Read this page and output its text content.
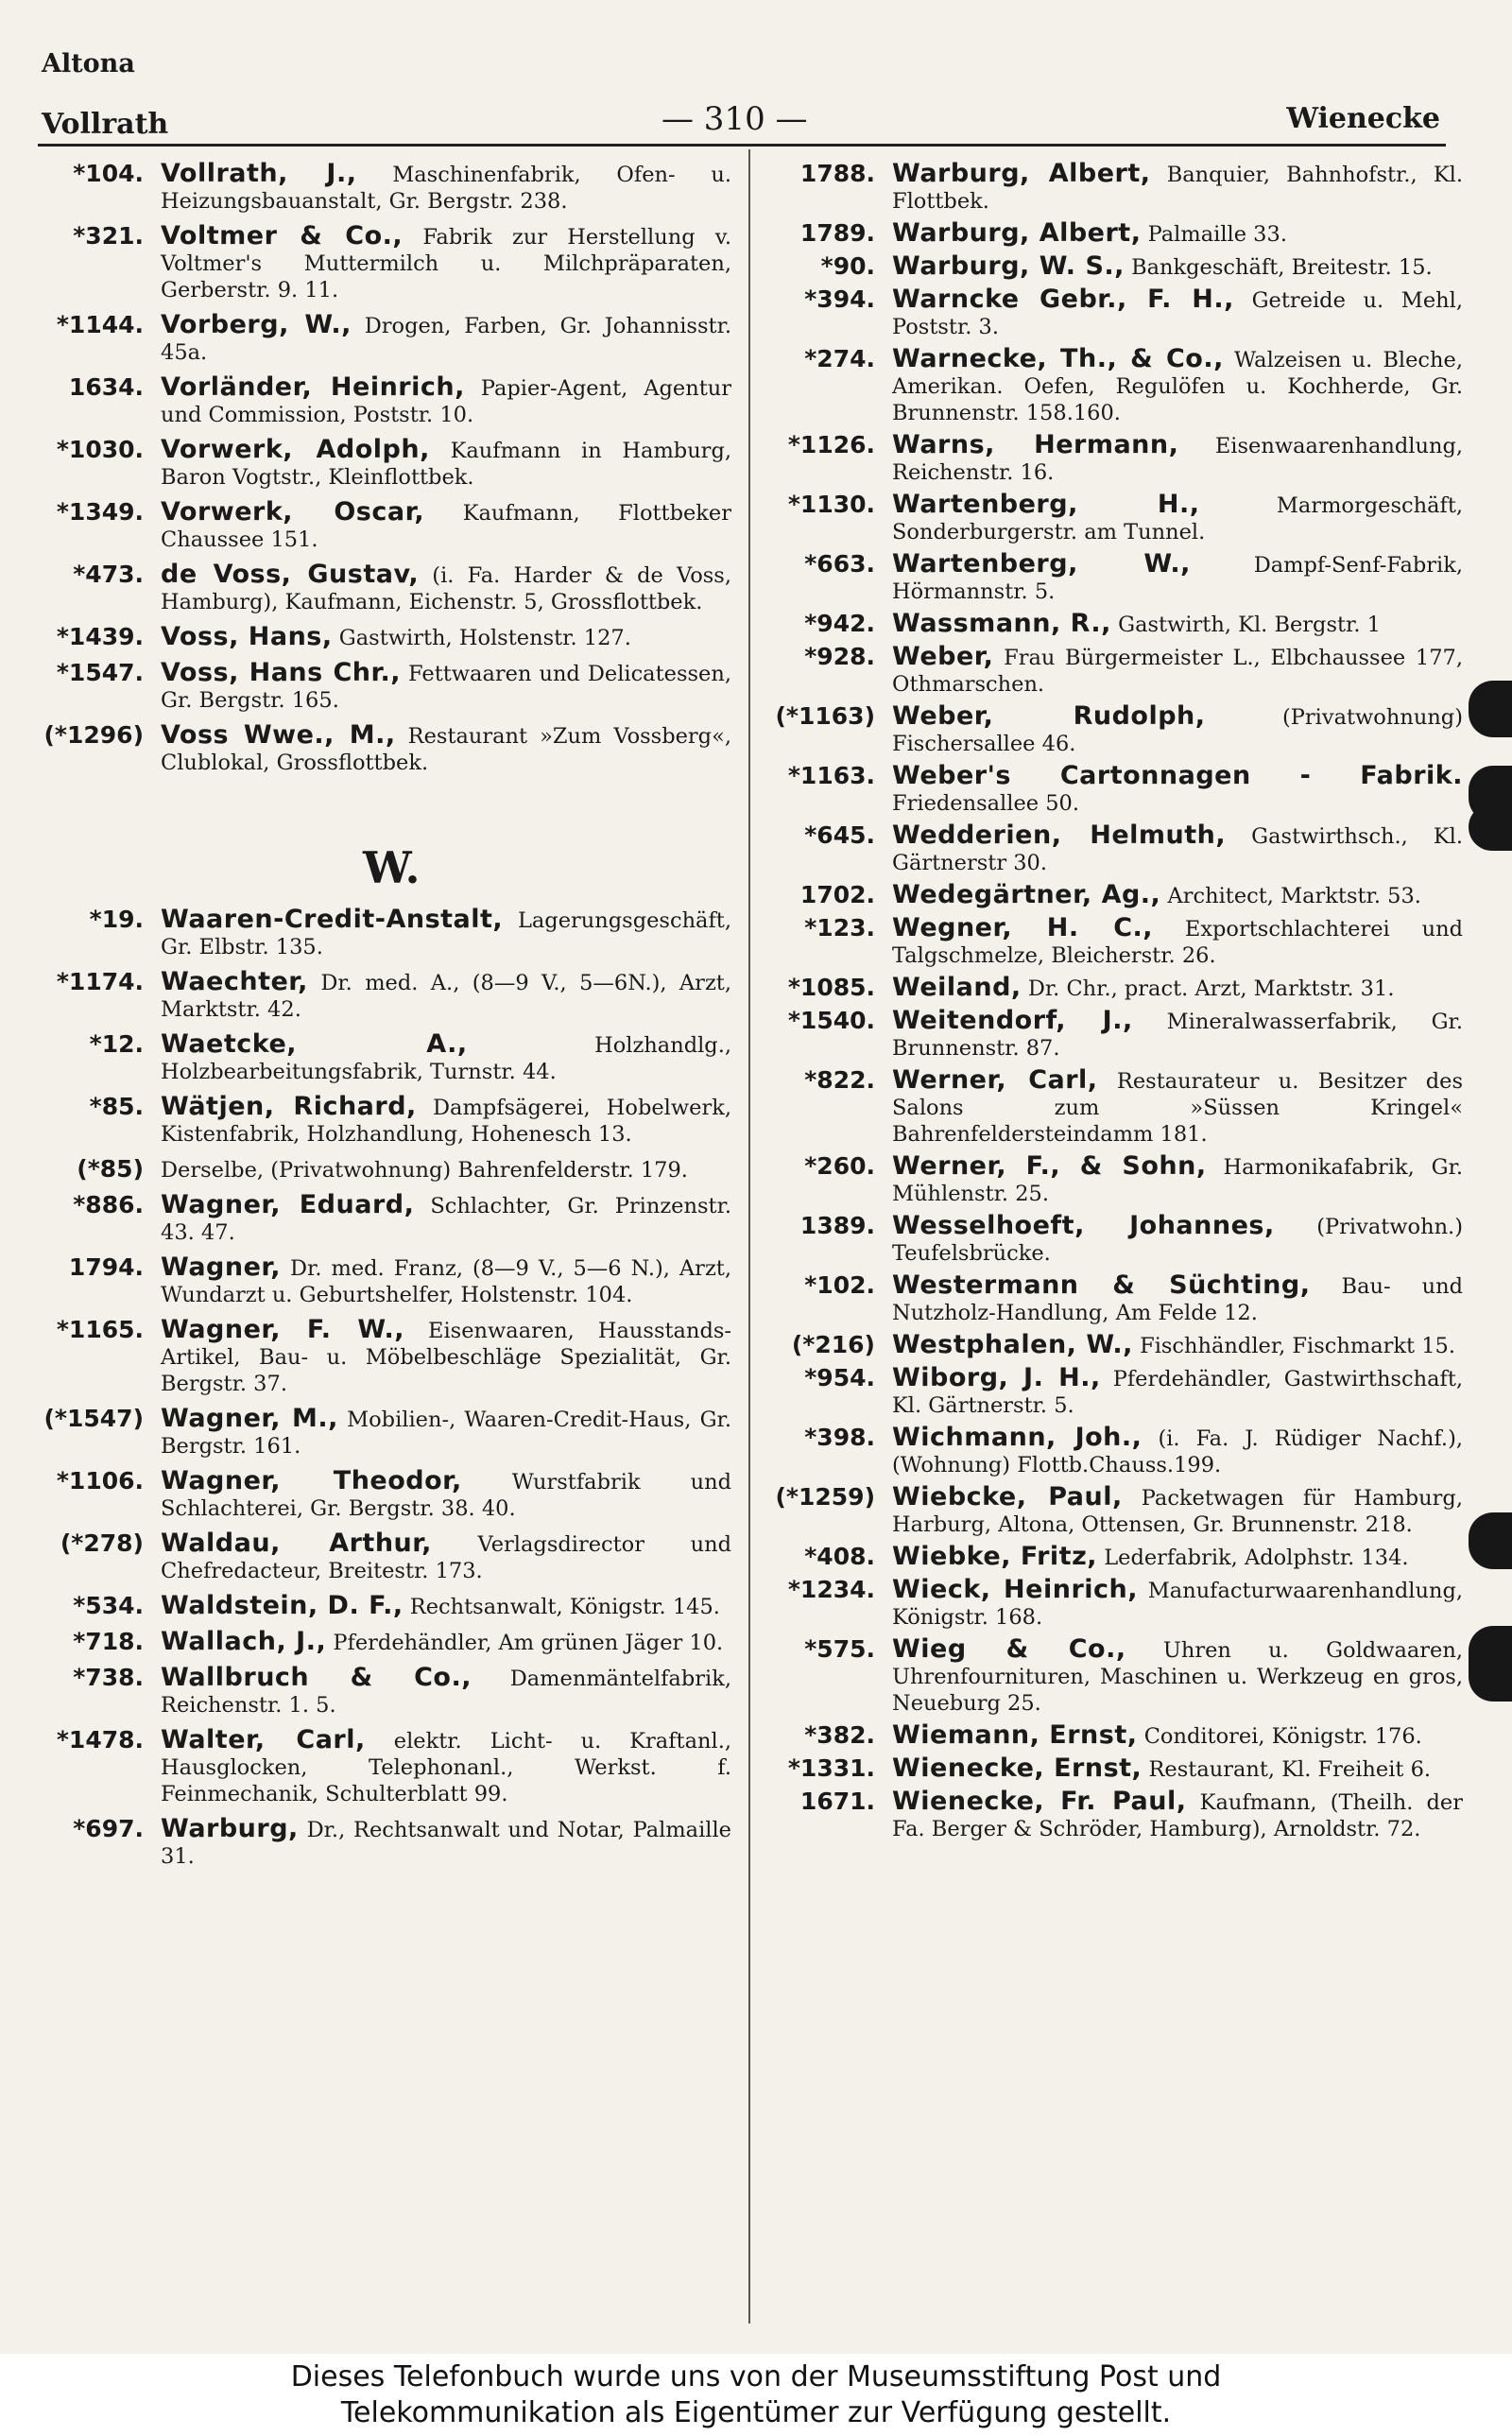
Altona
Vollrath	— 310 —	Wienecke
*104. Vollrath, J., Maschinenfabrik, Ofen- u. Heizungsbauanstalt, Gr. Bergstr. 238.
*321. Voltmer & Co., Fabrik zur Herstellung v. Voltmer's Muttermilch u. Milchpräparaten, Gerberstr. 9. 11.
*1144. Vorberg, W., Drogen, Farben, Gr. Johannisstr. 45a.
1634. Vorländer, Heinrich, Papier-Agent, Agentur und Commission, Poststr. 10.
*1030. Vorwerk, Adolph, Kaufmann in Hamburg, Baron Vogtstr., Kleinflottbek.
*1349. Vorwerk, Oscar, Kaufmann, Flottbeker Chaussee 151.
*473. de Voss, Gustav, (i. Fa. Harder & de Voss, Hamburg), Kaufmann, Eichenstr. 5, Grossflottbek.
*1439. Voss, Hans, Gastwirth, Holstenstr. 127.
*1547. Voss, Hans Chr., Fettwaaren und Delicatessen, Gr. Bergstr. 165.
(*1296) Voss Wwe., M., Restaurant »Zum Vossberg«, Clublokal, Grossflottbek.
W.
*19. Waaren-Credit-Anstalt, Lagerungsgeschäft, Gr. Elbstr. 135.
*1174. Waechter, Dr. med. A., (8—9 V., 5—6N.), Arzt, Marktstr. 42.
*12. Waetcke, A.,	Holzhandlg., Holzbearbeitungsfabrik, Turnstr. 44.
*85. Wätjen, Richard, Dampfsägerei, Hobelwerk, Kistenfabrik, Holzhandlung, Hohenesch 13.
(*85) Derselbe, (Privatwohnung) Bahrenfelderstr. 179.
*886. Wagner, Eduard, Schlachter, Gr. Prinzenstr. 43. 47.
1794. Wagner, Dr. med. Franz, (8—9 V., 5—6 N.), Arzt, Wundarzt u. Geburtshelfer, Holstenstr. 104.
*1165. Wagner, F. W., Eisenwaaren, Hausstands-Artikel, Bau- u. Möbelbeschläge Spezialität, Gr. Bergstr. 37.
(*1547) Wagner, M., Mobilien-, Waaren-Credit-Haus, Gr. Bergstr. 161.
*1106. Wagner, Theodor, Wurstfabrik und Schlachterei, Gr. Bergstr. 38. 40.
(*278) Waldau, Arthur, Verlagsdirector und Chefredacteur, Breitestr. 173.
*534. Waldstein, D. F., Rechtsanwalt, Königstr. 145.
*718. Wallach, J., Pferdehändler, Am grünen Jäger 10.
*738. Wallbruch & Co., Damenmäntelfabrik, Reichenstr. 1. 5.
*1478. Walter, Carl, elektr. Licht- u. Kraftanl., Hausglocken, Telephonanl., Werkst. f. Feinmechanik, Schulterblatt 99.
*697. Warburg, Dr., Rechtsanwalt und Notar, Palmaille 31.
1788. Warburg, Albert, Banquier, Bahnhofstr., Kl. Flottbek.
1789. Warburg, Albert, Palmaille 33.
*90. Warburg, W. S., Bankgeschäft, Breitestr. 15.
*394. Warncke Gebr., F. H., Getreide u. Mehl, Poststr. 3.
*274. Warnecke, Th., & Co., Walzeisen u. Bleche, Amerikan. Oefen, Regulöfen u. Kochherde, Gr. Brunnenstr. 158.160.
*1126. Warns, Hermann, Eisenwaarenhandlung, Reichenstr. 16.
*1130. Wartenberg, H.,	Marmorgeschäft, Sonderburgerstr. am Tunnel.
*663. Wartenberg, W.,	Dampf-Senf-Fabrik, Hörmannstr. 5.
*942. Wassmann, R., Gastwirth, Kl. Bergstr. 1
*928. Weber, Frau Bürgermeister L., Elbchaussee 177, Othmarschen.
(*1163) Weber, Rudolph,	(Privatwohnung) Fischersallee 46.
*1163. Weber's Cartonnagen - Fabrik. Friedensallee 50.
*645. Wedderien, Helmuth, Gastwirthsch., Kl. Gärtnerstr 30.
1702. Wedegärtner, Ag., Architect, Marktstr. 53.
*123. Wegner, H. C., Exportschlachterei und Talgschmelze, Bleicherstr. 26.
*1085. Weiland, Dr. Chr., pract. Arzt, Marktstr. 31.
*1540. Weitendorf, J., Mineralwasserfabrik, Gr. Brunnenstr. 87.
*822. Werner, Carl, Restaurateur u. Besitzer des Salons zum »Süssen Kringel« Bahrenfeldersteindamm 181.
*260. Werner, F., & Sohn, Harmonikafabrik, Gr. Mühlenstr. 25.
1389. Wesselhoeft, Johannes, (Privatwohn.) Teufelsbrücke.
*102. Westermann & Süchting, Bau- und Nutzholz-Handlung, Am Felde 12.
(*216) Westphalen, W., Fischhändler, Fischmarkt 15.
*954. Wiborg, J. H., Pferdehändler, Gastwirthschaft, Kl. Gärtnerstr. 5.
*398. Wichmann, Joh., (i. Fa. J. Rüdiger Nachf.), (Wohnung) Flottb.Chauss.199.
(*1259) Wiebcke, Paul, Packetwagen für Hamburg, Harburg, Altona, Ottensen, Gr. Brunnenstr. 218.
*408. Wiebke, Fritz, Lederfabrik, Adolphstr. 134.
*1234. Wieck, Heinrich, Manufacturwaarenhandlung, Königstr. 168.
*575. Wieg & Co., Uhren u. Goldwaaren, Uhrenfournituren, Maschinen u. Werkzeug en gros, Neueburg 25.
*382. Wiemann, Ernst, Conditorei, Königstr. 176.
*1331. Wienecke, Ernst, Restaurant, Kl. Freiheit 6.
1671. Wienecke, Fr. Paul, Kaufmann, (Theilh. der Fa. Berger & Schröder, Hamburg), Arnoldstr. 72.
Dieses Telefonbuch wurde uns von der Museumsstiftung Post und
Telekommunikation als Eigentümer zur Verfügung gestellt.
